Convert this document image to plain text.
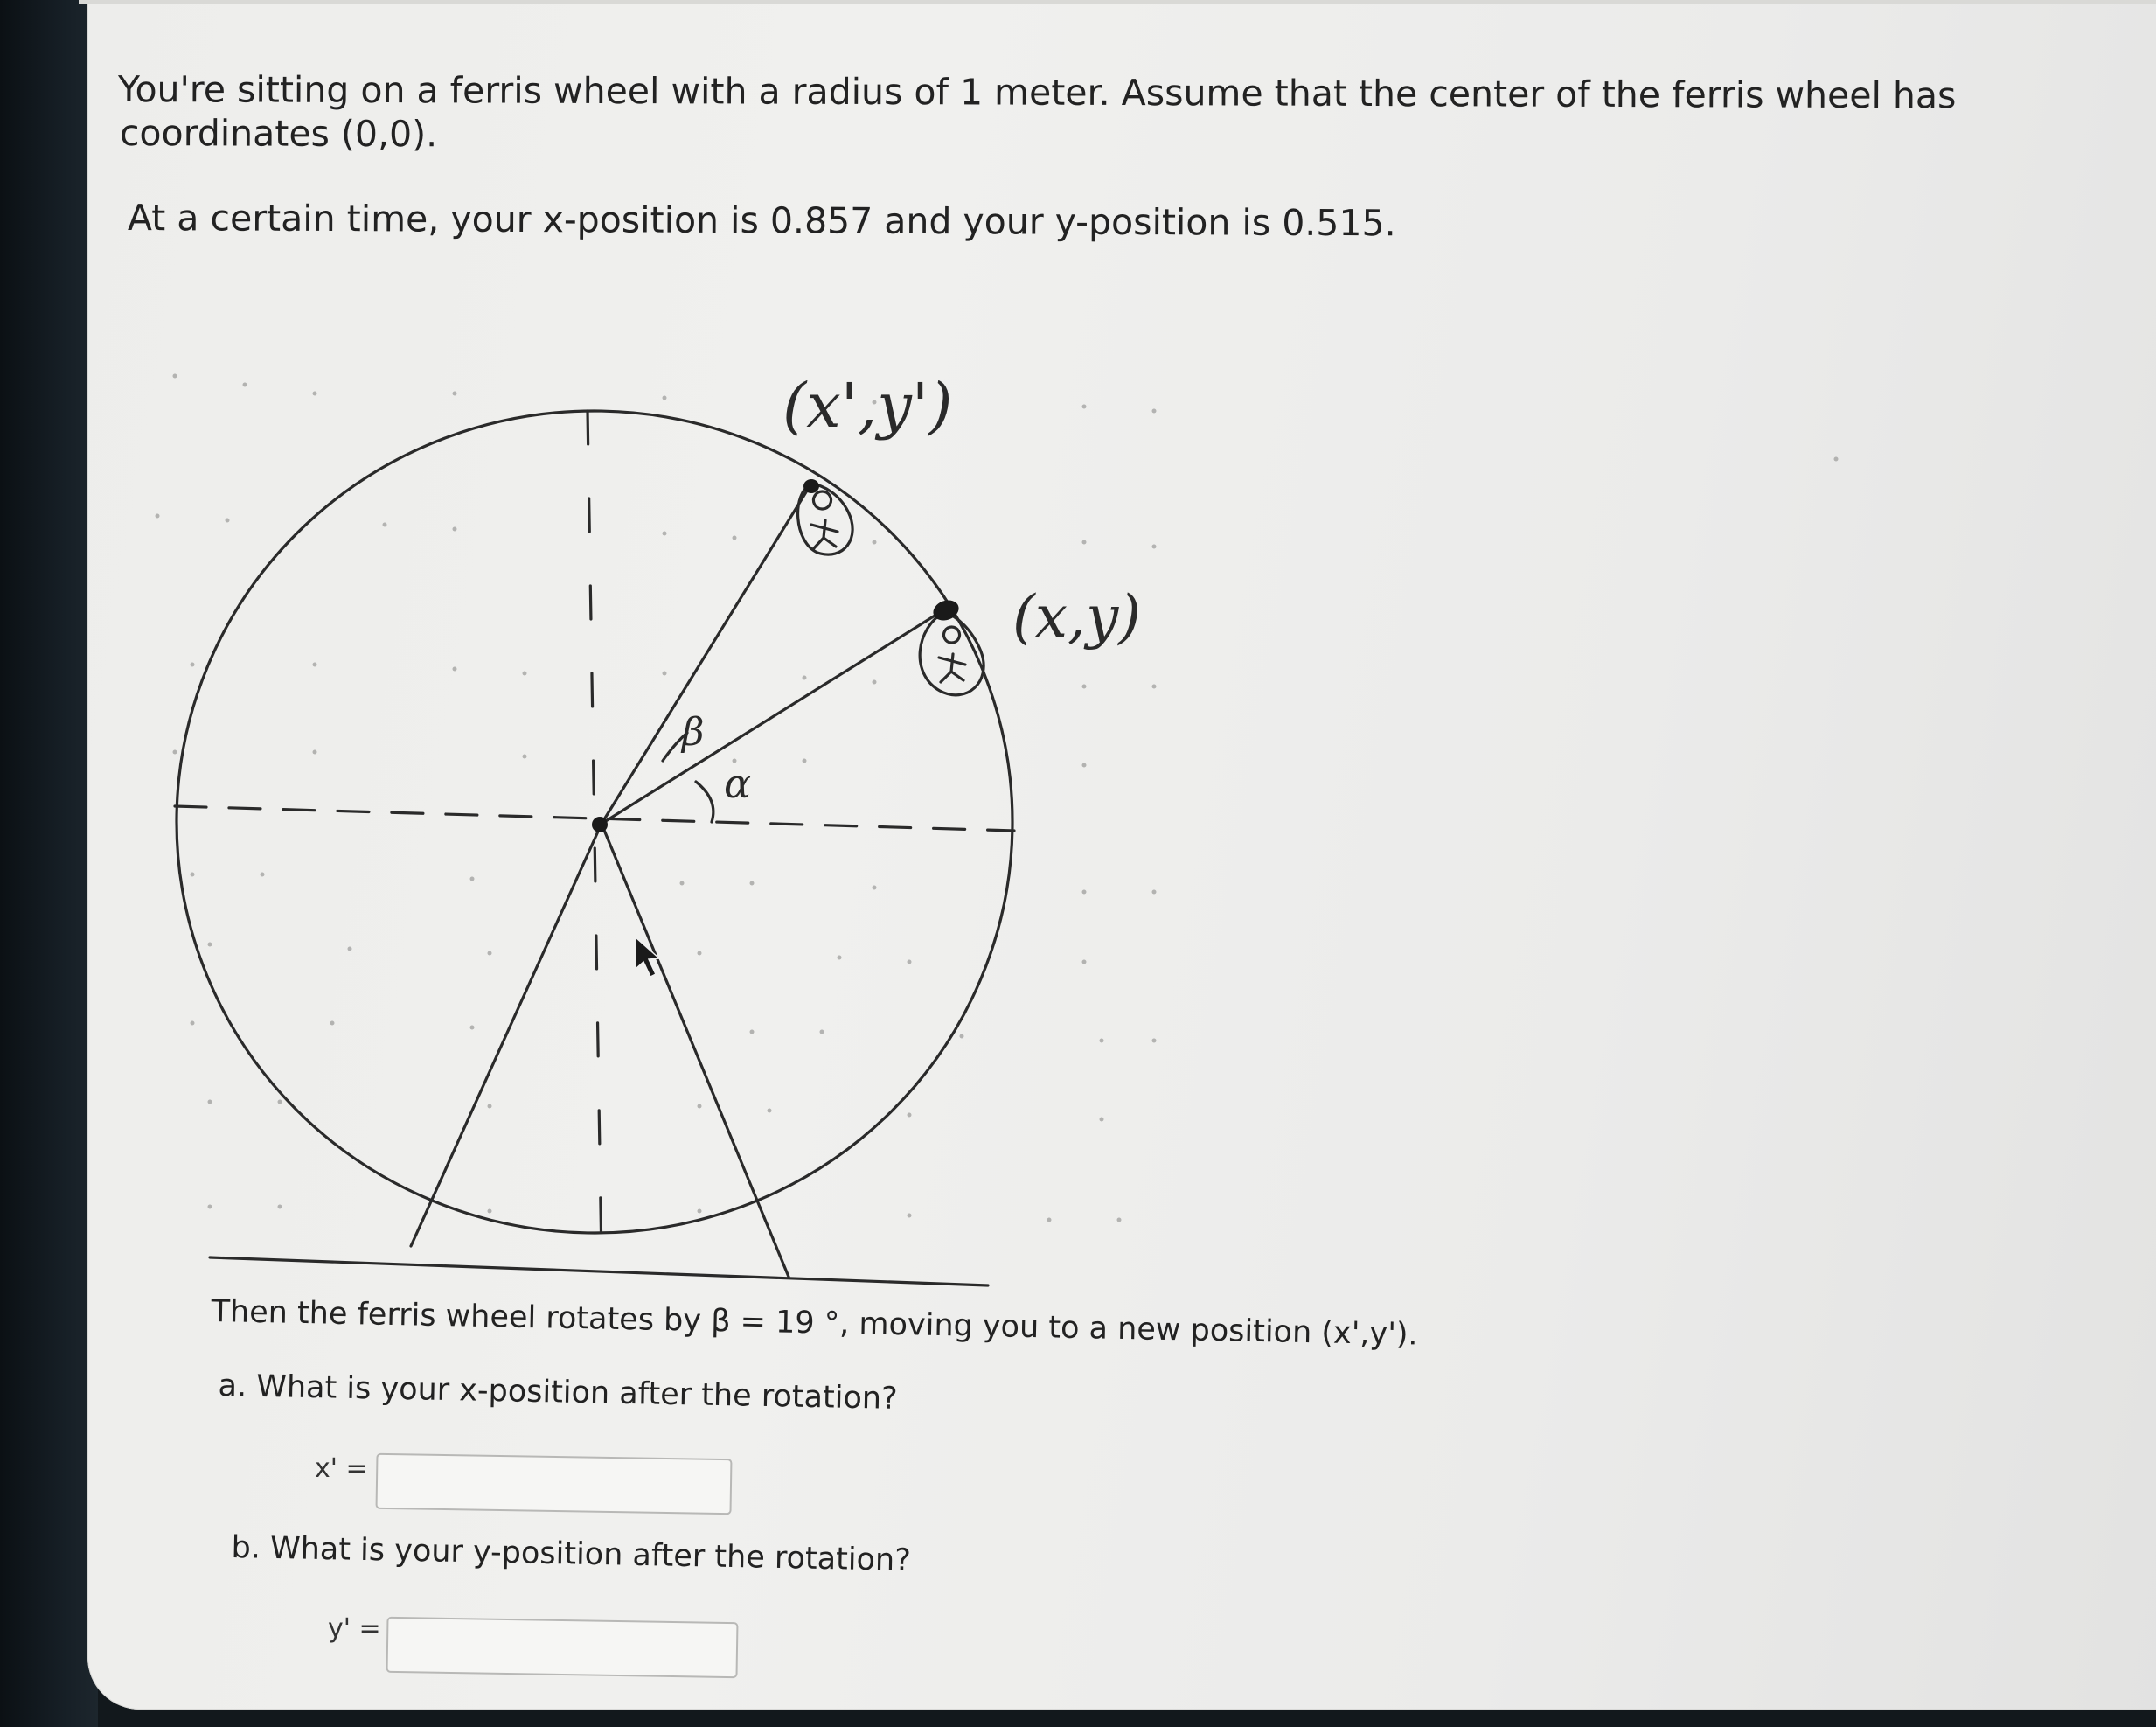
You're sitting on a ferris wheel with a radius of 1 meter. Assume that the center of the ferris wheel has
coordinates (0,0).
At a certain time, your x-position is 0.857 and your y-position is 0.515.
(x',y')
(x,y)
β
α
Then the ferris wheel rotates by β = 19 °, moving you to a new position (x',y').
a. What is your x-position after the rotation?
x' =
b. What is your y-position after the rotation?
y' =
